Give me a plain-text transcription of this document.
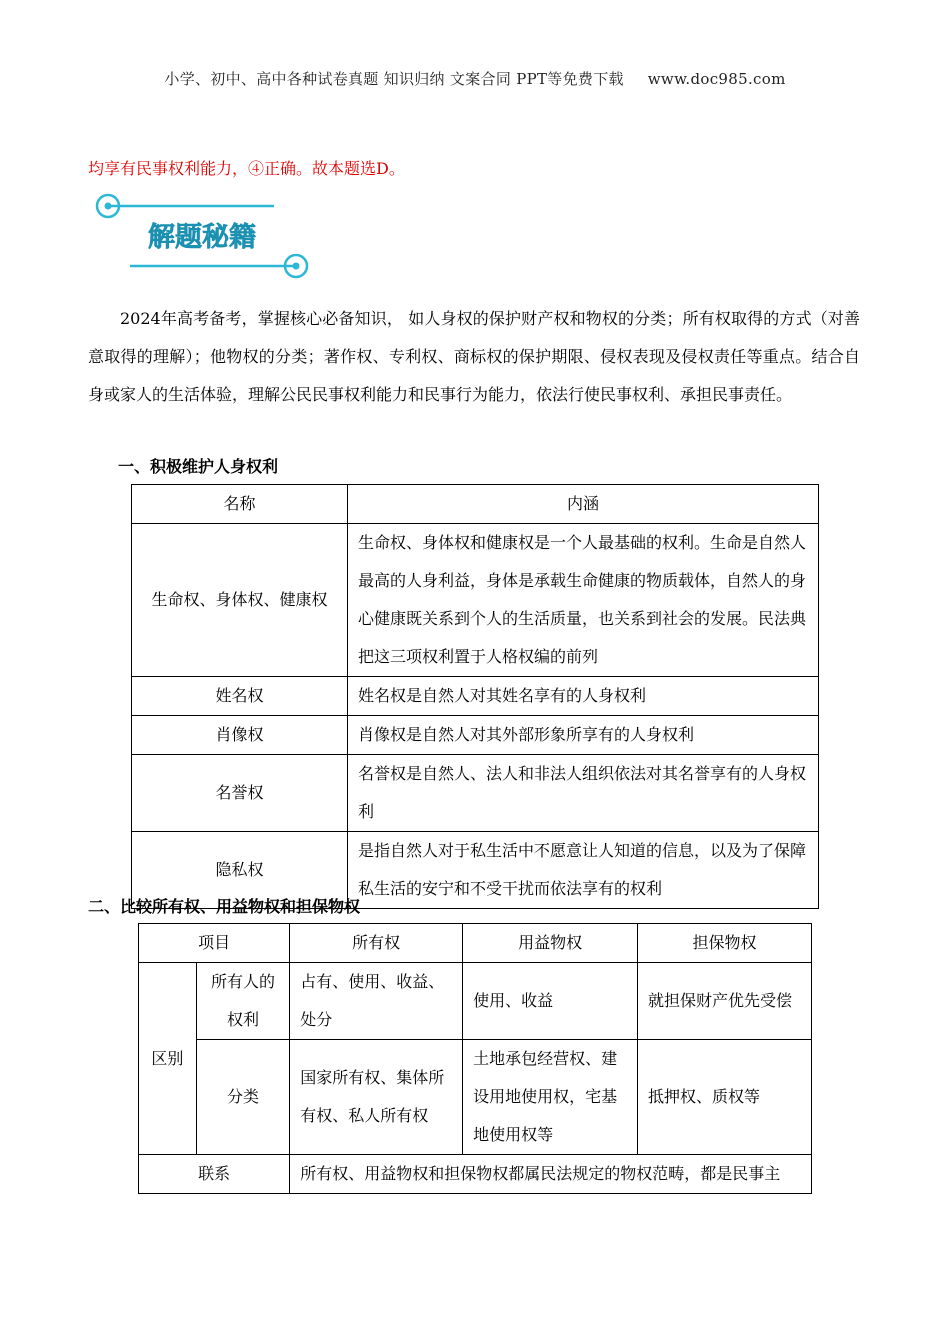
小学、初中、高中各种试卷真题 知识归纳 文案合同 PPT等免费下载 www.doc985.com
均享有民事权利能力，④正确。故本题选D。
解题秘籍

2024年高考备考，掌握核心必备知识， 如人身权的保护财产权和物权的分类；所有权取得的方式（对善意取得的理解）；他物权的分类；著作权、专利权、商标权的保护期限、侵权表现及侵权责任等重点。结合自身或家人的生活体验，理解公民民事权利能力和民事行为能力，依法行使民事权利、承担民事责任。

一、积极维护人身权利
名称	内涵
生命权、身体权、健康权	生命权、身体权和健康权是一个人最基础的权利。生命是自然人最高的人身利益，身体是承载生命健康的物质载体，自然人的身心健康既关系到个人的生活质量，也关系到社会的发展。民法典把这三项权利置于人格权编的前列
姓名权	姓名权是自然人对其姓名享有的人身权利
肖像权	肖像权是自然人对其外部形象所享有的人身权利
名誉权	名誉权是自然人、法人和非法人组织依法对其名誉享有的人身权利
隐私权	是指自然人对于私生活中不愿意让人知道的信息，以及为了保障私生活的安宁和不受干扰而依法享有的权利
二、比较所有权、用益物权和担保物权
项目		所有权	用益物权	担保物权
区别	所有人的权利	占有、使用、收益、处分	使用、收益	就担保财产优先受偿
	分类	国家所有权、集体所有权、私人所有权	土地承包经营权、建设用地使用权，宅基地使用权等	抵押权、质权等
联系		所有权、用益物权和担保物权都属民法规定的物权范畴，都是民事主		
